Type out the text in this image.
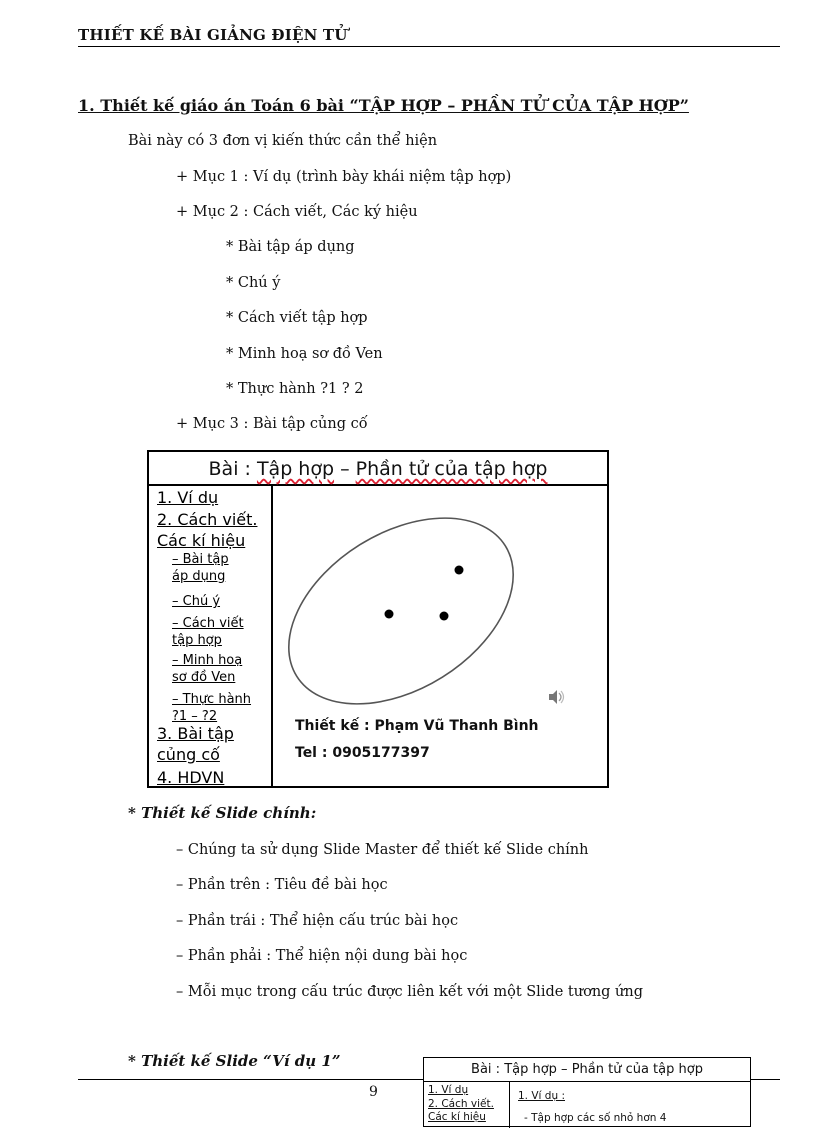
THIẾT KẾ BÀI GIẢNG ĐIỆN TỬ
1. Thiết kế giáo án Toán 6 bài “TẬP HỢP – PHẦN TỬ CỦA TẬP HỢP”
Bài này có 3 đơn vị kiến thức cần thể hiện
+ Mục 1 : Ví dụ (trình bày khái niệm tập hợp)
+ Mục 2 : Cách viết, Các ký hiệu
* Bài tập áp dụng
* Chú ý
* Cách viết tập hợp
* Minh hoạ sơ đồ Ven
* Thực hành ?1 ? 2
+ Mục 3 : Bài tập củng cố
Bài : Tập hợp – Phần tử của tập hợp
1. Ví dụ
2. Cách viết.
Các kí hiệu
– Bài tập
áp dụng
– Chú ý
– Cách viết
tập hợp
– Minh hoạ
sơ đồ Ven
– Thực hành
?1 – ?2
3. Bài tập
củng cố
4. HDVN
Thiết kế : Phạm Vũ Thanh Bình
Tel : 0905177397
* Thiết kế Slide chính:
– Chúng ta sử dụng Slide Master để thiết kế Slide chính
– Phần trên : Tiêu đề bài học
– Phần trái : Thể hiện cấu trúc bài học
– Phần phải : Thể hiện nội dung bài học
– Mỗi mục trong cấu trúc được liên kết với một Slide tương ứng
* Thiết kế Slide “Ví dụ 1”
9
Bài : Tập hợp – Phần tử của tập hợp
1. Ví dụ
2. Cách viết.
Các kí hiệu
1. Ví dụ :
- Tập hợp các số nhỏ hơn 4
